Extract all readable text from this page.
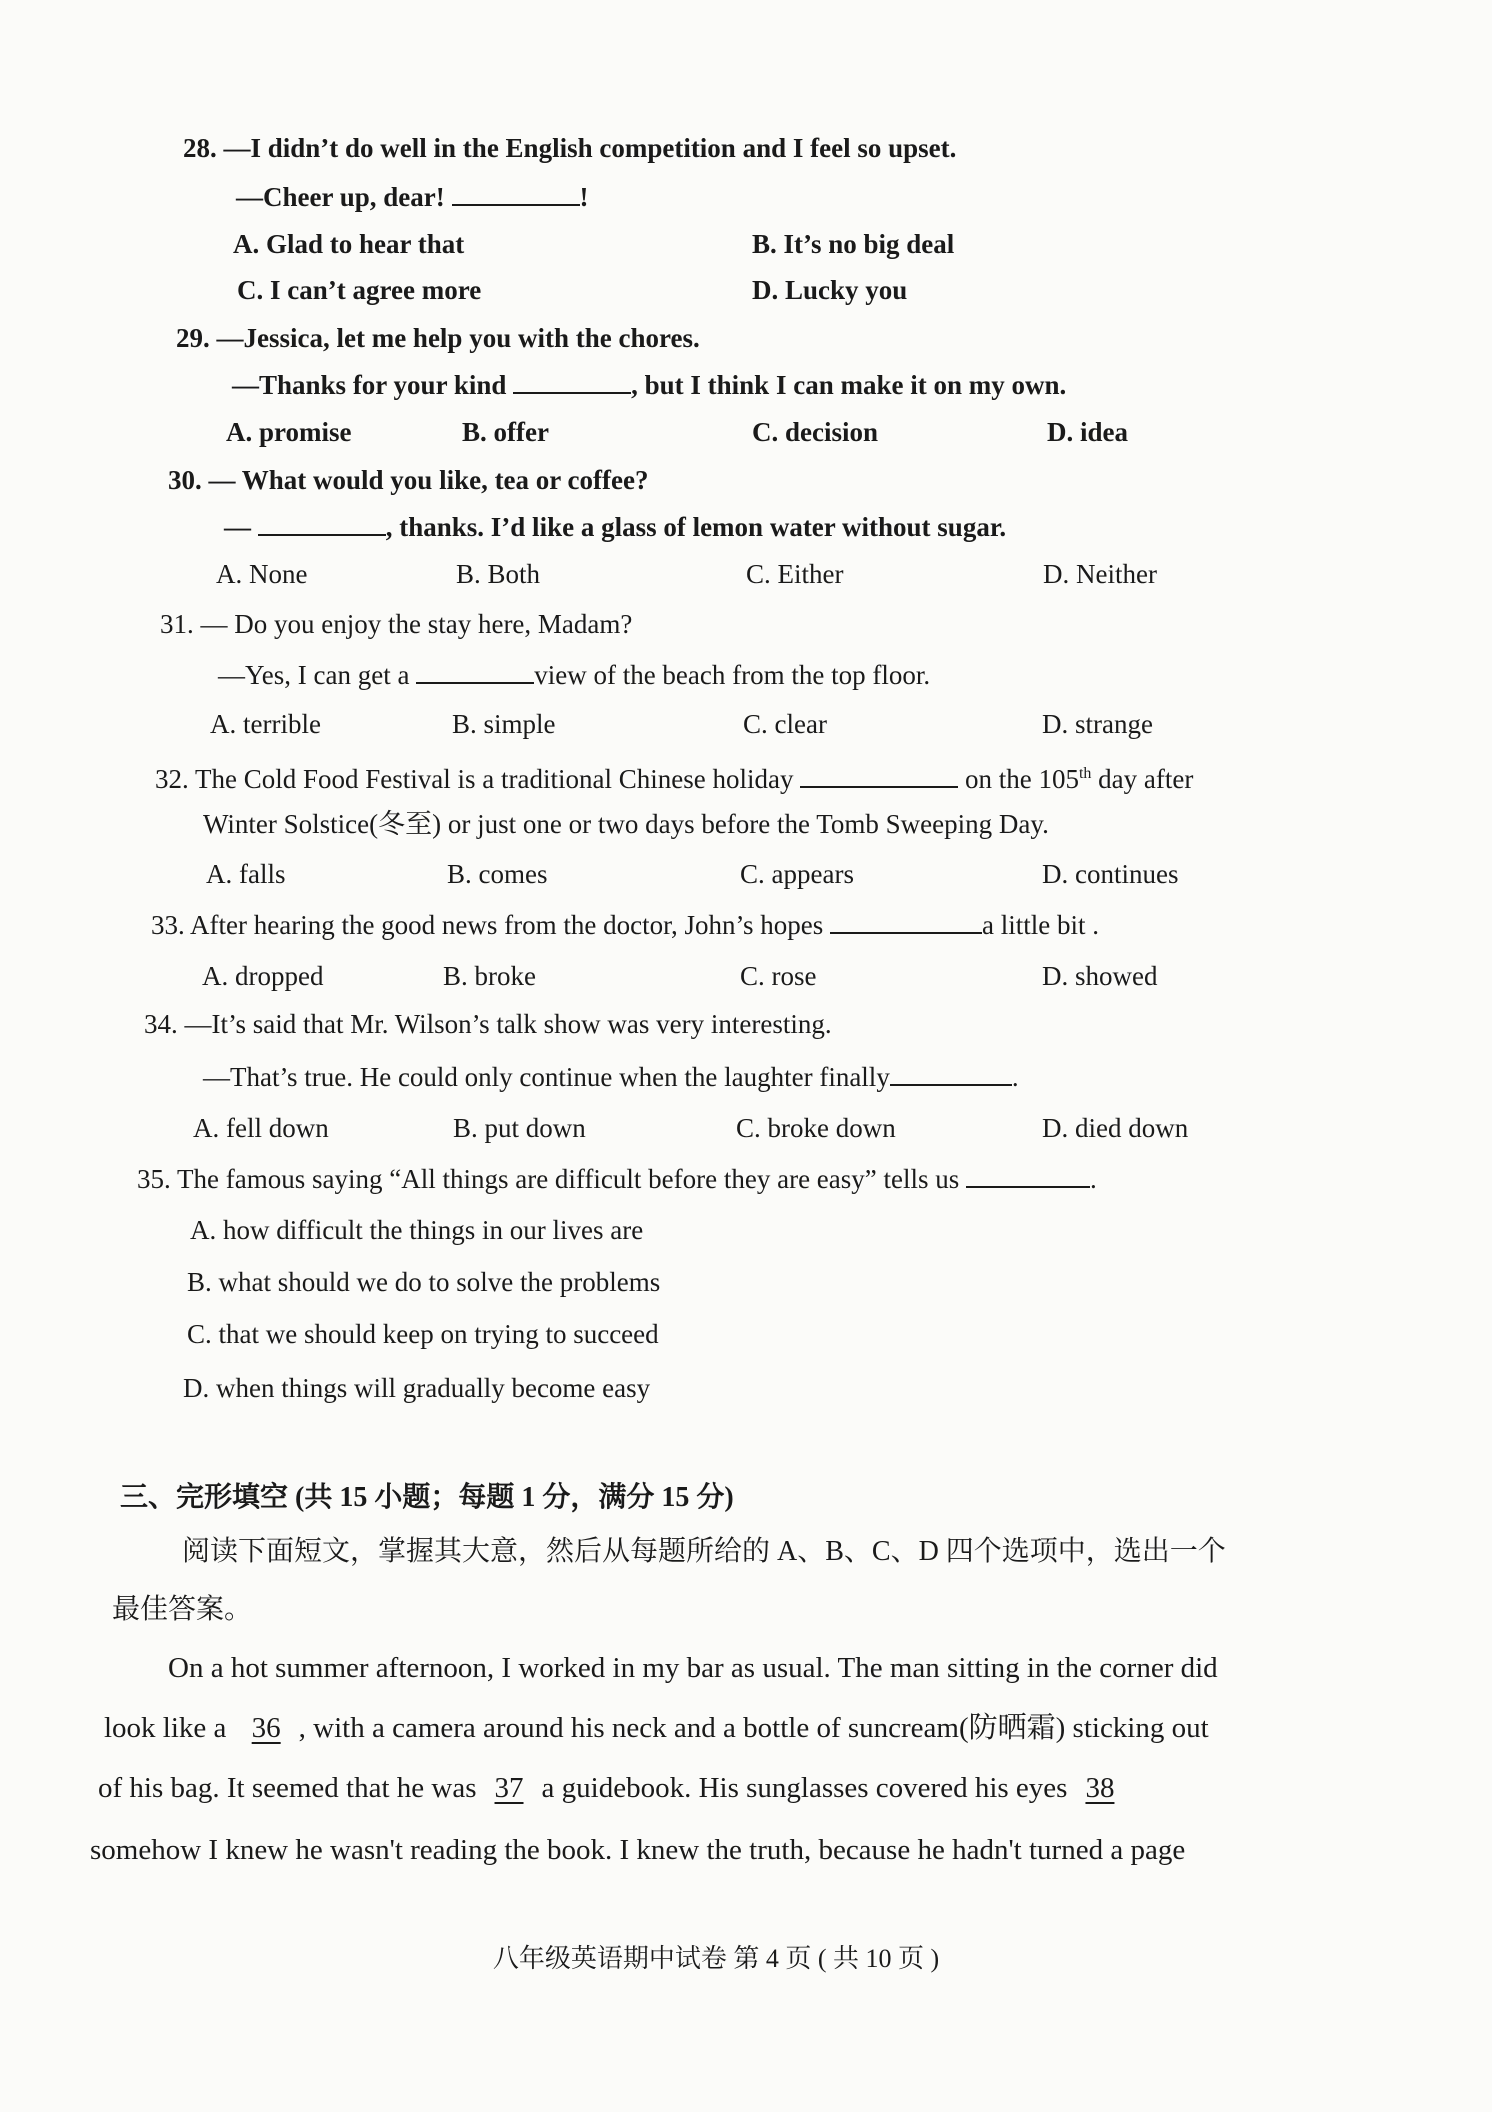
28. —I didn’t do well in the English competition and I feel so upset.
—Cheer up, dear!	!
A. Glad to hear that	B. It’s no big deal
C. I can’t agree more	D. Lucky you
29. —Jessica, let me help you with the chores.
—Thanks for your kind	, but I think I can make it on my own.
A. promise	B. offer	C. decision	D. idea
30. — What would you like, tea or coffee?
—	, thanks. I’d like a glass of lemon water without sugar.
A. None	B. Both	C. Either	D. Neither
31. — Do you enjoy the stay here, Madam?
—Yes, I can get a	view of the beach from the top floor.
A. terrible	B. simple	C. clear	D. strange
32. The Cold Food Festival is a traditional Chinese holiday	on the 105th day after
Winter Solstice(冬至) or just one or two days before the Tomb Sweeping Day.
A. falls	B. comes	C. appears	D. continues
33. After hearing the good news from the doctor, John’s hopes	a little bit .
A. dropped	B. broke	C. rose	D. showed
34. —It’s said that Mr. Wilson’s talk show was very interesting.
—That’s true. He could only continue when the laughter finally	.
A. fell down	B. put down	C. broke down	D. died down
35. The famous saying “All things are difficult before they are easy” tells us	.
A. how difficult the things in our lives are
B. what should we do to solve the problems
C. that we should keep on trying to succeed
D. when things will gradually become easy
三、完形填空 (共 15 小题；每题 1 分，满分 15 分)
阅读下面短文，掌握其大意，然后从每题所给的 A、B、C、D 四个选项中，选出一个
最佳答案。
On a hot summer afternoon, I worked in my bar as usual. The man sitting in the corner did
look like a 36 , with a camera around his neck and a bottle of suncream(防晒霜) sticking out
of his bag. It seemed that he was 37 a guidebook. His sunglasses covered his eyes 38
somehow I knew he wasn't reading the book. I knew the truth, because he hadn't turned a page
八年级英语期中试卷 第 4 页 ( 共 10 页 )
